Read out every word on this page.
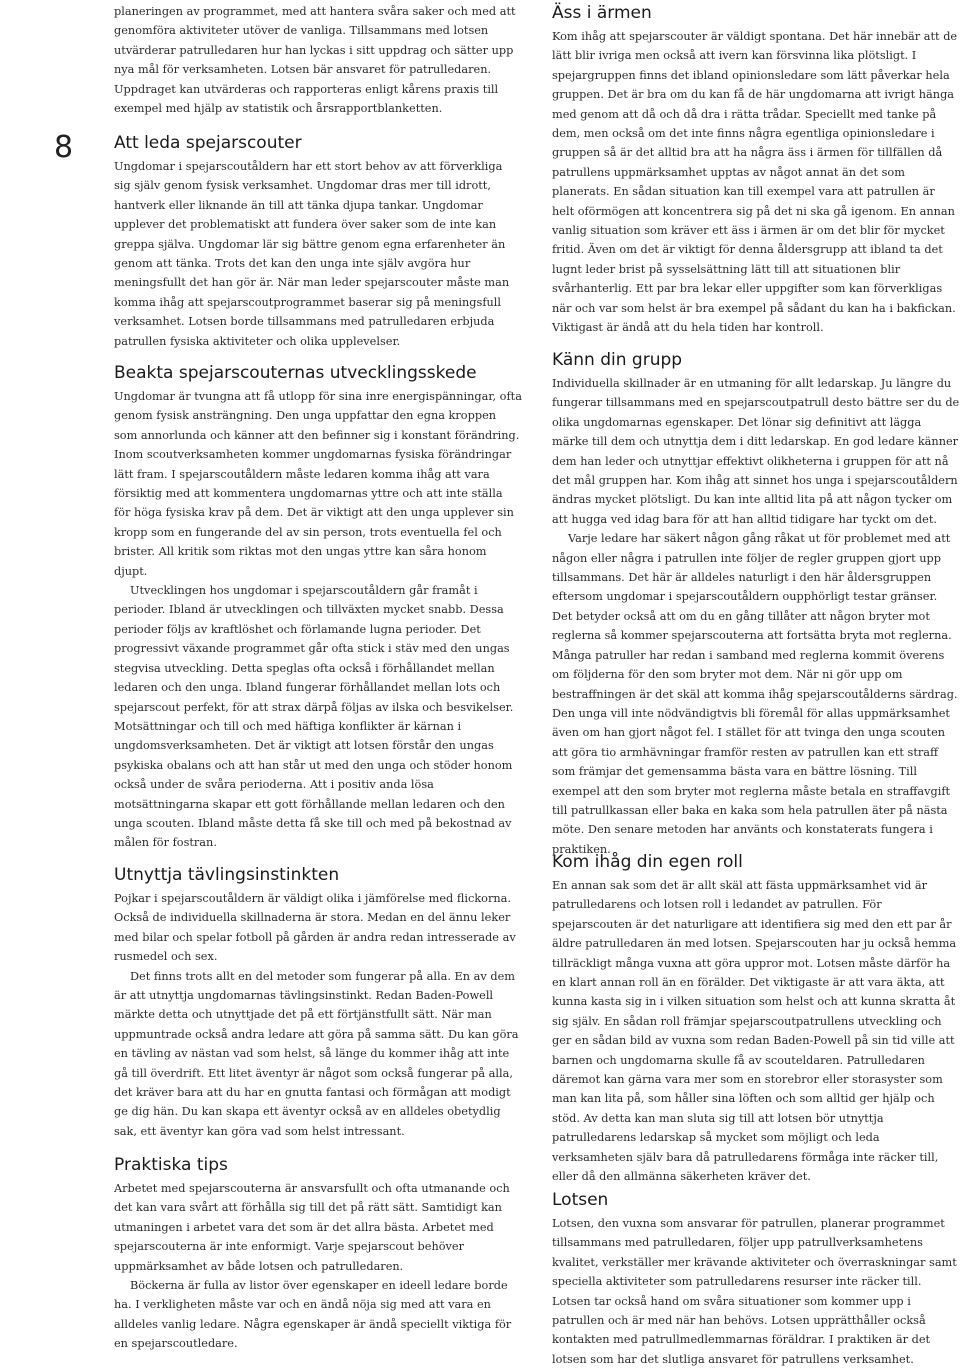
8

planeringen av programmet, med att hantera svåra saker och med att genomföra aktiviteter utöver de vanliga. Tillsammans med lotsen utvärderar patrulledaren hur han lyckas i sitt uppdrag och sätter upp nya mål för verksamheten. Lotsen bär ansvaret för patrulledaren. Uppdraget kan utvärderas och rapporteras enligt kårens praxis till exempel med hjälp av statistik och årsrapportblanketten.

Att leda spejarscouter

Ungdomar i spejarscoutåldern har ett stort behov av att förverkliga sig själv genom fysisk verksamhet. Ungdomar dras mer till idrott, hantverk eller liknande än till att tänka djupa tankar. Ungdomar upplever det problematiskt att fundera över saker som de inte kan greppa själva. Ungdomar lär sig bättre genom egna erfarenheter än genom att tänka. Trots det kan den unga inte själv avgöra hur meningsfullt det han gör är. När man leder spejarscouter måste man komma ihåg att spejarscoutprogrammet baserar sig på meningsfull verksamhet. Lotsen borde tillsammans med patrulledaren erbjuda patrullen fysiska aktiviteter och olika upplevelser.

Beakta spejarscouternas utvecklingsskede

Ungdomar är tvungna att få utlopp för sina inre energispänningar, ofta genom fysisk ansträngning. Den unga uppfattar den egna kroppen som annorlunda och känner att den befinner sig i konstant förändring. Inom scoutverksamheten kommer ungdomarnas fysiska förändringar lätt fram. I spejarscoutåldern måste ledaren komma ihåg att vara försiktig med att kommentera ungdomarnas yttre och att inte ställa för höga fysiska krav på dem. Det är viktigt att den unga upplever sin kropp som en fungerande del av sin person, trots eventuella fel och brister. All kritik som riktas mot den ungas yttre kan såra honom djupt.

Utvecklingen hos ungdomar i spejarscoutåldern går framåt i perioder. Ibland är utvecklingen och tillväxten mycket snabb. Dessa perioder följs av kraftlöshet och förlamande lugna perioder. Det progressivt växande programmet går ofta stick i stäv med den ungas stegvisa utveckling. Detta speglas ofta också i förhållandet mellan ledaren och den unga. Ibland fungerar förhållandet mellan lots och spejarscout perfekt, för att strax därpå följas av ilska och besvikelser. Motsättningar och till och med häftiga konflikter är kärnan i ungdomsverksamheten. Det är viktigt att lotsen förstår den ungas psykiska obalans och att han står ut med den unga och stöder honom också under de svåra perioderna. Att i positiv anda lösa motsättningarna skapar ett gott förhållande mellan ledaren och den unga scouten. Ibland måste detta få ske till och med på bekostnad av målen för fostran.

Utnyttja tävlingsinstinkten

Pojkar i spejarscoutåldern är väldigt olika i jämförelse med flickorna. Också de individuella skillnaderna är stora. Medan en del ännu leker med bilar och spelar fotboll på gården är andra redan intresserade av rusmedel och sex.

Det finns trots allt en del metoder som fungerar på alla. En av dem är att utnyttja ungdomarnas tävlingsinstinkt. Redan Baden-Powell märkte detta och utnyttjade det på ett förtjänstfullt sätt. När man uppmuntrade också andra ledare att göra på samma sätt. Du kan göra en tävling av nästan vad som helst, så länge du kommer ihåg att inte gå till överdrift. Ett litet äventyr är något som också fungerar på alla, det kräver bara att du har en gnutta fantasi och förmågan att modigt ge dig hän. Du kan skapa ett äventyr också av en alldeles obetydlig sak, ett äventyr kan göra vad som helst intressant.

Praktiska tips

Arbetet med spejarscouterna är ansvarsfullt och ofta utmanande och det kan vara svårt att förhålla sig till det på rätt sätt. Samtidigt kan utmaningen i arbetet vara det som är det allra bästa. Arbetet med spejarscouterna är inte enformigt. Varje spejarscout behöver uppmärksamhet av både lotsen och patrulledaren.

Böckerna är fulla av listor över egenskaper en ideell ledare borde ha. I verkligheten måste var och en ändå nöja sig med att vara en alldeles vanlig ledare. Några egenskaper är ändå speciellt viktiga för en spejarscoutledare.

Äss i ärmen

Kom ihåg att spejarscouter är väldigt spontana. Det här innebär att de lätt blir ivriga men också att ivern kan försvinna lika plötsligt. I spejargruppen finns det ibland opinionsledare som lätt påverkar hela gruppen. Det är bra om du kan få de här ungdomarna att ivrigt hänga med genom att då och då dra i rätta trådar. Speciellt med tanke på dem, men också om det inte finns några egentliga opinionsledare i gruppen så är det alltid bra att ha några äss i ärmen för tillfällen då patrullens uppmärksamhet upptas av något annat än det som planerats. En sådan situation kan till exempel vara att patrullen är helt oförmögen att koncentrera sig på det ni ska gå igenom. En annan vanlig situation som kräver ett äss i ärmen är om det blir för mycket fritid. Även om det är viktigt för denna åldersgrupp att ibland ta det lugnt leder brist på sysselsättning lätt till att situationen blir svårhanterlig. Ett par bra lekar eller uppgifter som kan förverkligas när och var som helst är bra exempel på sådant du kan ha i bakfickan. Viktigast är ändå att du hela tiden har kontroll.

Känn din grupp

Individuella skillnader är en utmaning för allt ledarskap. Ju längre du fungerar tillsammans med en spejarscoutpatrull desto bättre ser du de olika ungdomarnas egenskaper. Det lönar sig definitivt att lägga märke till dem och utnyttja dem i ditt ledarskap. En god ledare känner dem han leder och utnyttjar effektivt olikheterna i gruppen för att nå det mål gruppen har. Kom ihåg att sinnet hos unga i spejarscoutåldern ändras mycket plötsligt. Du kan inte alltid lita på att någon tycker om att hugga ved idag bara för att han alltid tidigare har tyckt om det.

Varje ledare har säkert någon gång råkat ut för problemet med att någon eller några i patrullen inte följer de regler gruppen gjort upp tillsammans. Det här är alldeles naturligt i den här åldersgruppen eftersom ungdomar i spejarscoutåldern oupphörligt testar gränser. Det betyder också att om du en gång tillåter att någon bryter mot reglerna så kommer spejarscouterna att fortsätta bryta mot reglerna. Många patruller har redan i samband med reglerna kommit överens om följderna för den som bryter mot dem. När ni gör upp om bestraffningen är det skäl att komma ihåg spejarscoutålderns särdrag. Den unga vill inte nödvändigtvis bli föremål för allas uppmärksamhet även om han gjort något fel. I stället för att tvinga den unga scouten att göra tio armhävningar framför resten av patrullen kan ett straff som främjar det gemensamma bästa vara en bättre lösning. Till exempel att den som bryter mot reglerna måste betala en straffavgift till patrullkassan eller baka en kaka som hela patrullen äter på nästa möte. Den senare metoden har använts och konstaterats fungera i praktiken.

Kom ihåg din egen roll

En annan sak som det är allt skäl att fästa uppmärksamhet vid är patrulledarens och lotsen roll i ledandet av patrullen. För spejarscouten är det naturligare att identifiera sig med den ett par år äldre patrulledaren än med lotsen. Spejarscouten har ju också hemma tillräckligt många vuxna att göra uppror mot. Lotsen måste därför ha en klart annan roll än en förälder. Det viktigaste är att vara äkta, att kunna kasta sig in i vilken situation som helst och att kunna skratta åt sig själv. En sådan roll främjar spejarscoutpatrullens utveckling och ger en sådan bild av vuxna som redan Baden-Powell på sin tid ville att barnen och ungdomarna skulle få av scouteldaren. Patrulledaren däremot kan gärna vara mer som en storebror eller storasyster som man kan lita på, som håller sina löften och som alltid ger hjälp och stöd. Av detta kan man sluta sig till att lotsen bör utnyttja patrulledarens ledarskap så mycket som möjligt och leda verksamheten själv bara då patrulledarens förmåga inte räcker till, eller då den allmänna säkerheten kräver det.

Lotsen

Lotsen, den vuxna som ansvarar för patrullen, planerar programmet tillsammans med patrulledaren, följer upp patrullverksamhetens kvalitet, verkställer mer krävande aktiviteter och överraskningar samt speciella aktiviteter som patrulledarens resurser inte räcker till. Lotsen tar också hand om svåra situationer som kommer upp i patrullen och är med när han behövs. Lotsen upprätthåller också kontakten med patrullmedlemmarnas föräldrar. I praktiken är det lotsen som har det slutliga ansvaret för patrullens verksamhet.
